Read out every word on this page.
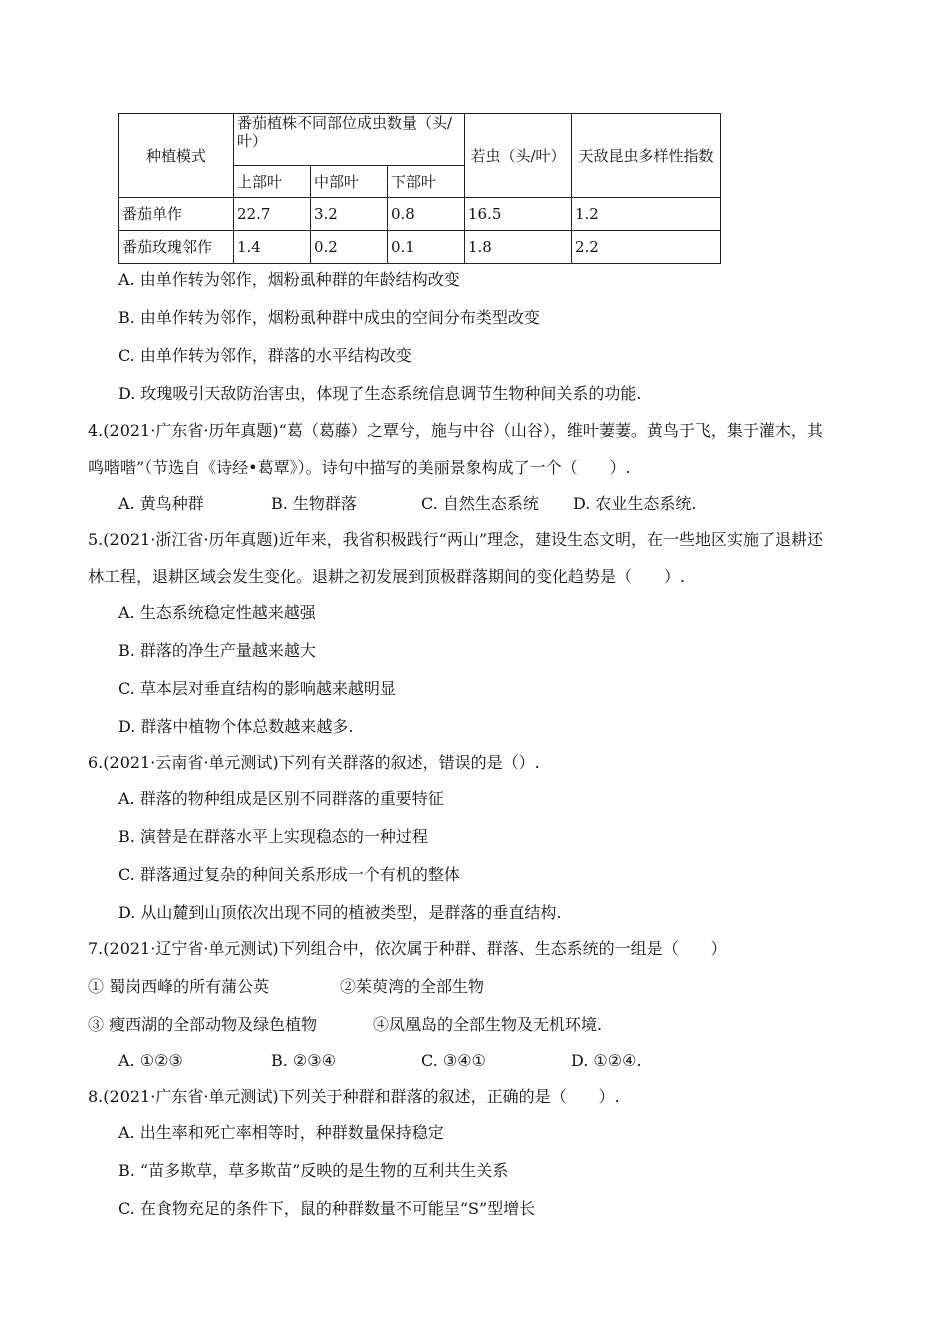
种植模式	番茄植株不同部位成虫数量（头/叶）			若虫（头/叶）	天敌昆虫多样性指数
	上部叶	中部叶	下部叶		
番茄单作	22.7	3.2	0.8	16.5	1.2
番茄玫瑰邻作	1.4	0.2	0.1	1.8	2.2
A. 由单作转为邻作，烟粉虱种群的年龄结构改变
B. 由单作转为邻作，烟粉虱种群中成虫的空间分布类型改变
C. 由单作转为邻作，群落的水平结构改变
D. 玫瑰吸引天敌防治害虫，体现了生态系统信息调节生物种间关系的功能.
4.(2021·广东省·历年真题)“葛（葛藤）之覃兮，施与中谷（山谷），维叶萋萋。黄鸟于飞，集于灌木，其
鸣喈喈”（节选自《诗经•葛覃》）。诗句中描写的美丽景象构成了一个（　　）.
A. 黄鸟种群	B. 生物群落	C. 自然生态系统 D. 农业生态系统.
5.(2021·浙江省·历年真题)近年来，我省积极践行“两山”理念，建设生态文明，在一些地区实施了退耕还
林工程，退耕区域会发生变化。退耕之初发展到顶极群落期间的变化趋势是（　　）.
A. 生态系统稳定性越来越强
B. 群落的净生产量越来越大
C. 草本层对垂直结构的影响越来越明显
D. 群落中植物个体总数越来越多.
6.(2021·云南省·单元测试)下列有关群落的叙述，错误的是（）.
A. 群落的物种组成是区别不同群落的重要特征
B. 演替是在群落水平上实现稳态的一种过程
C. 群落通过复杂的种间关系形成一个有机的整体
D. 从山麓到山顶依次出现不同的植被类型，是群落的垂直结构.
7.(2021·辽宁省·单元测试)下列组合中，依次属于种群、群落、生态系统的一组是（　　）
① 蜀岗西峰的所有蒲公英	②茱萸湾的全部生物
③ 瘦西湖的全部动物及绿色植物	④凤凰岛的全部生物及无机环境.
A. ①②③	B. ②③④	C. ③④①	D. ①②④.
8.(2021·广东省·单元测试)下列关于种群和群落的叙述，正确的是（　　）.
A. 出生率和死亡率相等时，种群数量保持稳定
B. “苗多欺草，草多欺苗”反映的是生物的互利共生关系
C. 在食物充足的条件下，鼠的种群数量不可能呈“S”型增长
